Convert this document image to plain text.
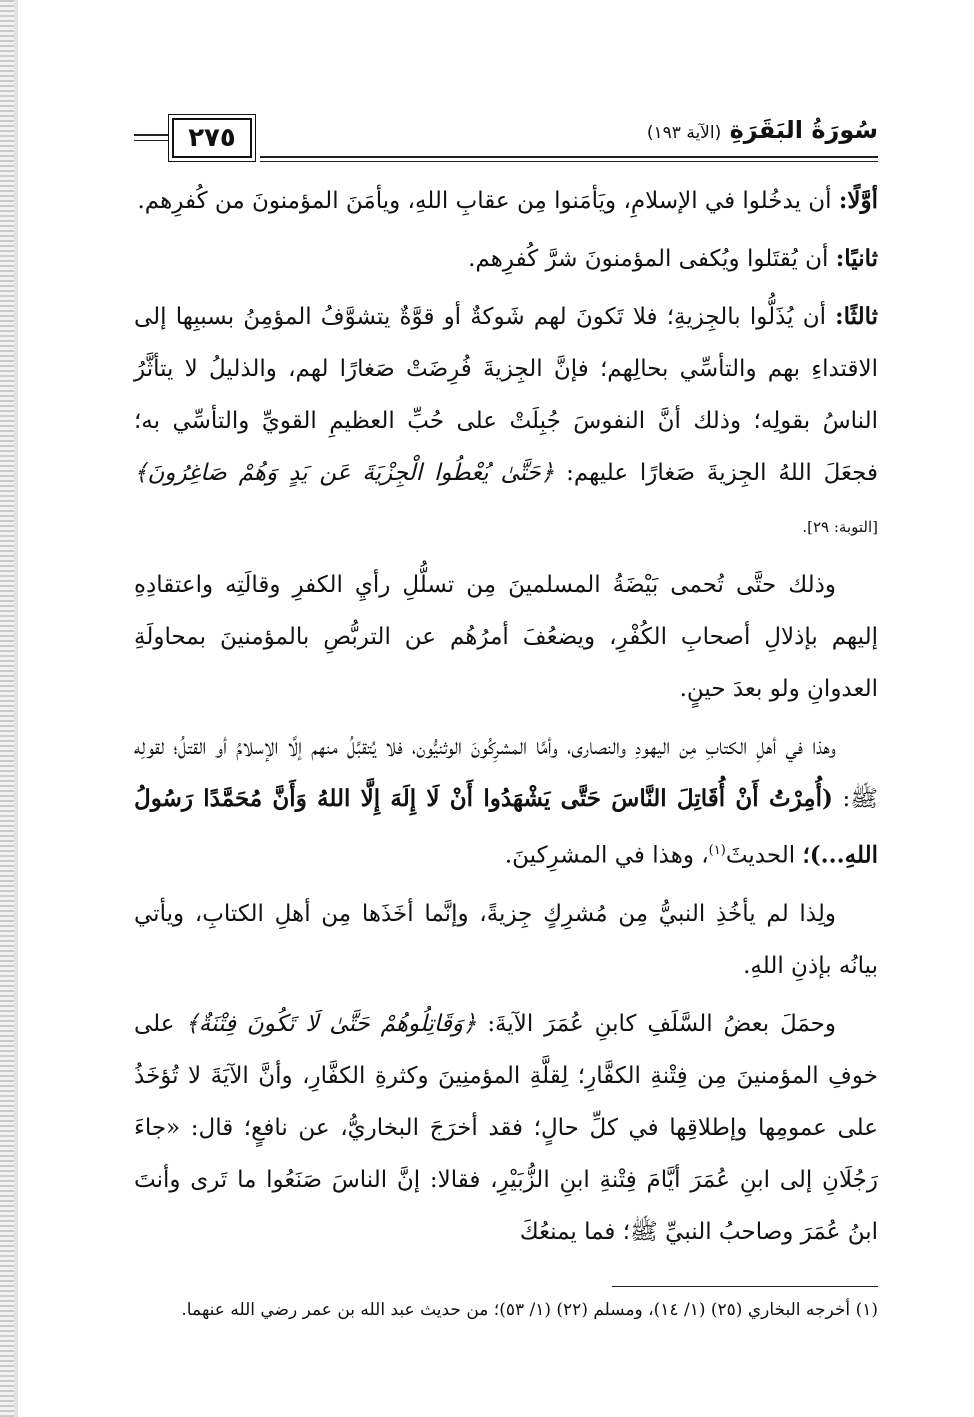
٢٧٥	سُورَةُ البَقَرَةِ (الآية ١٩٣)

أوَّلًا: أن يدخُلوا في الإسلامِ، ويَأمَنوا مِن عقابِ اللهِ، ويأمَنَ المؤمنونَ من كُفرِهم.

ثانيًا: أن يُقتَلوا ويُكفى المؤمنونَ شرَّ كُفرِهم.

ثالثًا: أن يُذَلُّوا بالجِزيةِ؛ فلا تَكونَ لهم شَوكةٌ أو قوَّةٌ يتشوَّفُ المؤمِنُ بسببِها إلى الاقتداءِ بهم والتأسِّي بحالِهم؛ فإنَّ الجِزيةَ فُرِضَتْ صَغارًا لهم، والذليلُ لا يتأثَّرُ الناسُ بقولِه؛ وذلك أنَّ النفوسَ جُبِلَتْ على حُبِّ العظيمِ القويِّ والتأسِّي به؛ فجعَلَ اللهُ الجِزيةَ صَغارًا عليهم: ﴿حَتَّىٰ يُعْطُوا الْجِزْيَةَ عَن يَدٍ وَهُمْ صَاغِرُونَ﴾ [التوبة: ٢٩].

وذلك حتَّى تُحمى بَيْضَةُ المسلمينَ مِن تسلُّلِ رأيِ الكفرِ وقالَتِه واعتقادِهِ إليهم بإذلالِ أصحابِ الكُفْرِ، ويضعُفَ أمرُهُم عن التربُّصِ بالمؤمنينَ بمحاولَةِ العدوانِ ولو بعدَ حينٍ.

وهذا في أهلِ الكتابِ مِن اليهودِ والنصارى، وأمَّا المشرِكُونَ الوثنيُّون، فلا يُتقبَّلُ منهم إلَّا الإسلامُ أو القتلُ؛ لقولِه ﷺ: (أُمِرْتُ أَنْ أُقَاتِلَ النَّاسَ حَتَّى يَشْهَدُوا أَنْ لَا إِلَهَ إِلَّا اللهُ وَأَنَّ مُحَمَّدًا رَسُولُ اللهِ...)؛ الحديثَ$^{(١)}$، وهذا في المشرِكينَ.

ولِذا لم يأخُذِ النبيُّ مِن مُشرِكٍ جِزيةً، وإنَّما أخَذَها مِن أهلِ الكتابِ، ويأتي بيانُه بإذنِ اللهِ.

وحمَلَ بعضُ السَّلَفِ كابنِ عُمَرَ الآيةَ: ﴿وَقَاتِلُوهُمْ حَتَّىٰ لَا تَكُونَ فِتْنَةٌ﴾ على خوفِ المؤمنينَ مِن فِتْنةِ الكفَّارِ؛ لِقلَّةِ المؤمنِينَ وكثرةِ الكفَّارِ، وأنَّ الآيَةَ لا تُؤخَذُ على عمومِها وإطلاقِها في كلِّ حالٍ؛ فقد أخرَجَ البخاريُّ، عن نافعٍ؛ قال: «جاءَ رَجُلَانِ إلى ابنِ عُمَرَ أيَّامَ فِتْنةِ ابنِ الزُّبَيْرِ، فقالا: إنَّ الناسَ صَنَعُوا ما تَرى وأنتَ ابنُ عُمَرَ وصاحبُ النبيِّ ﷺ؛ فما يمنعُكَ

(١) أخرجه البخاري (٢٥) (١/ ١٤)، ومسلم (٢٢) (١/ ٥٣)؛ من حديث عبد الله بن عمر رضي الله عنهما.
